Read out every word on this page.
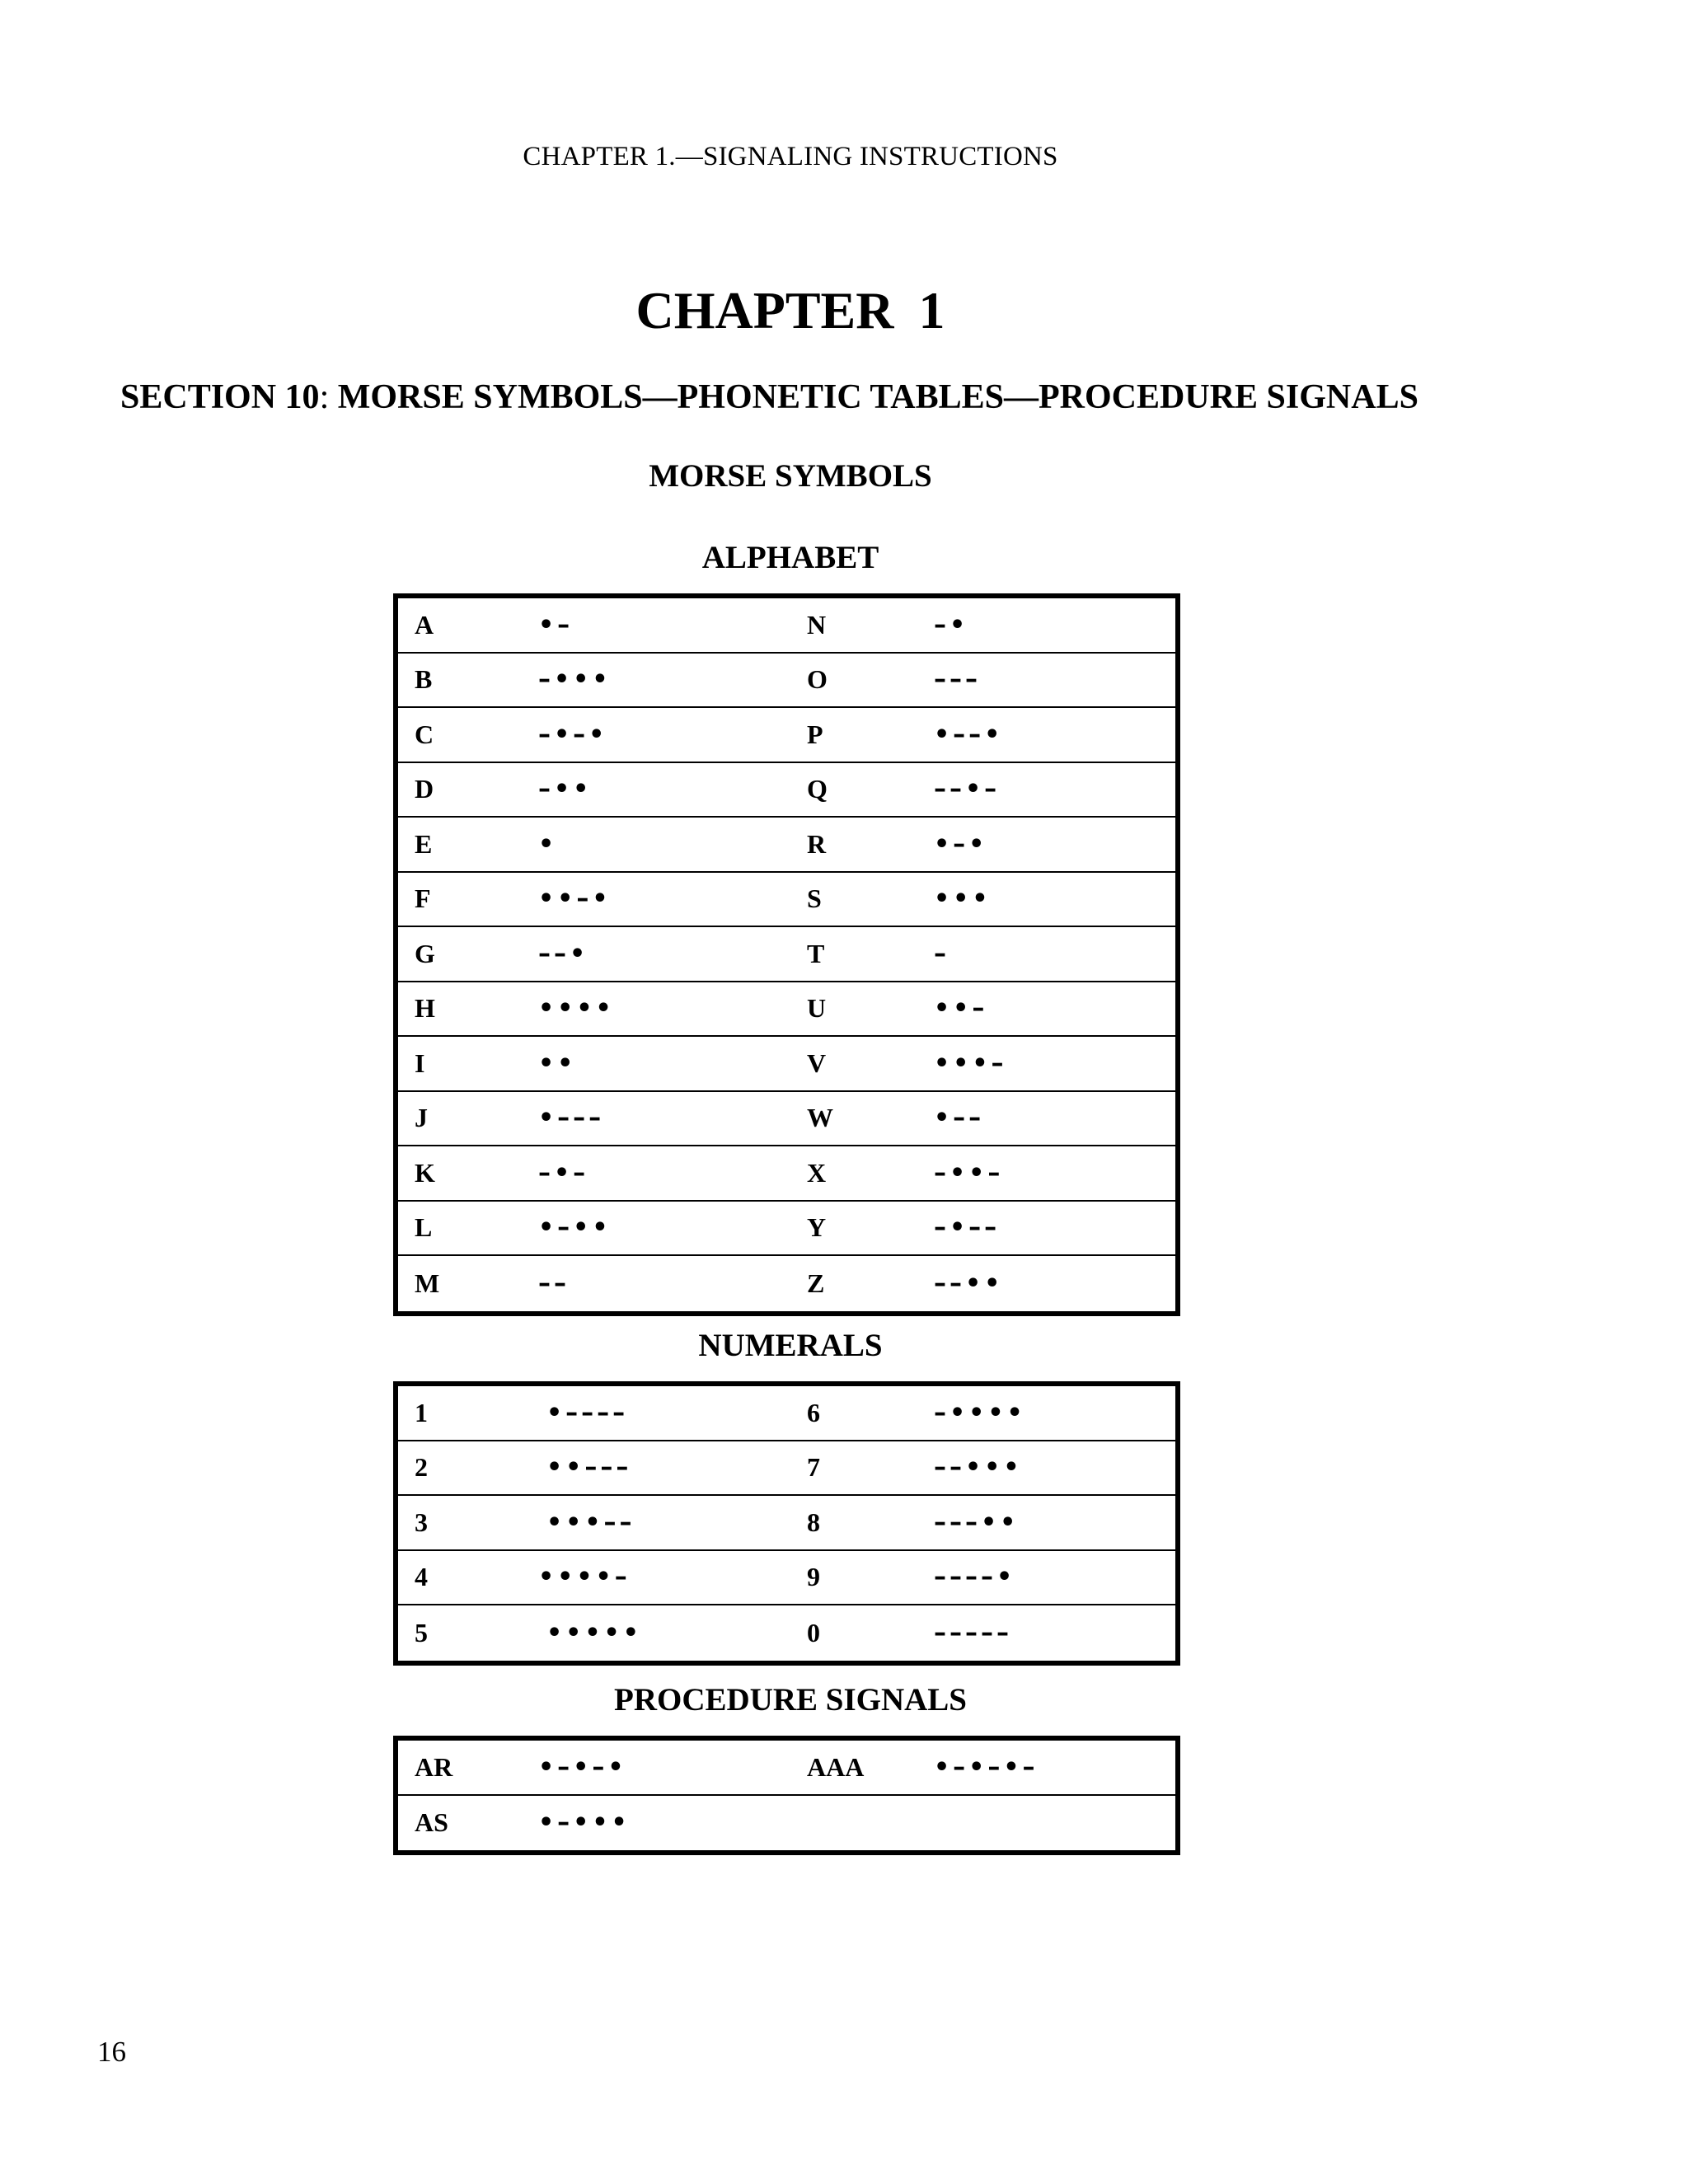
CHAPTER 1.—SIGNALING INSTRUCTIONS
CHAPTER 1
SECTION 10: MORSE SYMBOLS—PHONETIC TABLES—PROCEDURE SIGNALS
MORSE SYMBOLS
ALPHABET
A	•–	N	–•
B	–•••	O	–––
C	–•–•	P	•––•
D	–••	Q	––•–
E	•	R	•–•
F	••–•	S	•••
G	––•	T	–
H	••••	U	••–
I	••	V	•••–
J	•–––	W	•––
K	–•–	X	–••–
L	•–••	Y	–•––
M	––	Z	––••
NUMERALS
1	•––––	6	–••••
2	••–––	7	––•••
3	•••––	8	–––••
4	••••–	9	––––•
5	•••••	0	–––––
PROCEDURE SIGNALS
AR	•–•–•	AAA	•–•–•–
AS	•–•••
16
